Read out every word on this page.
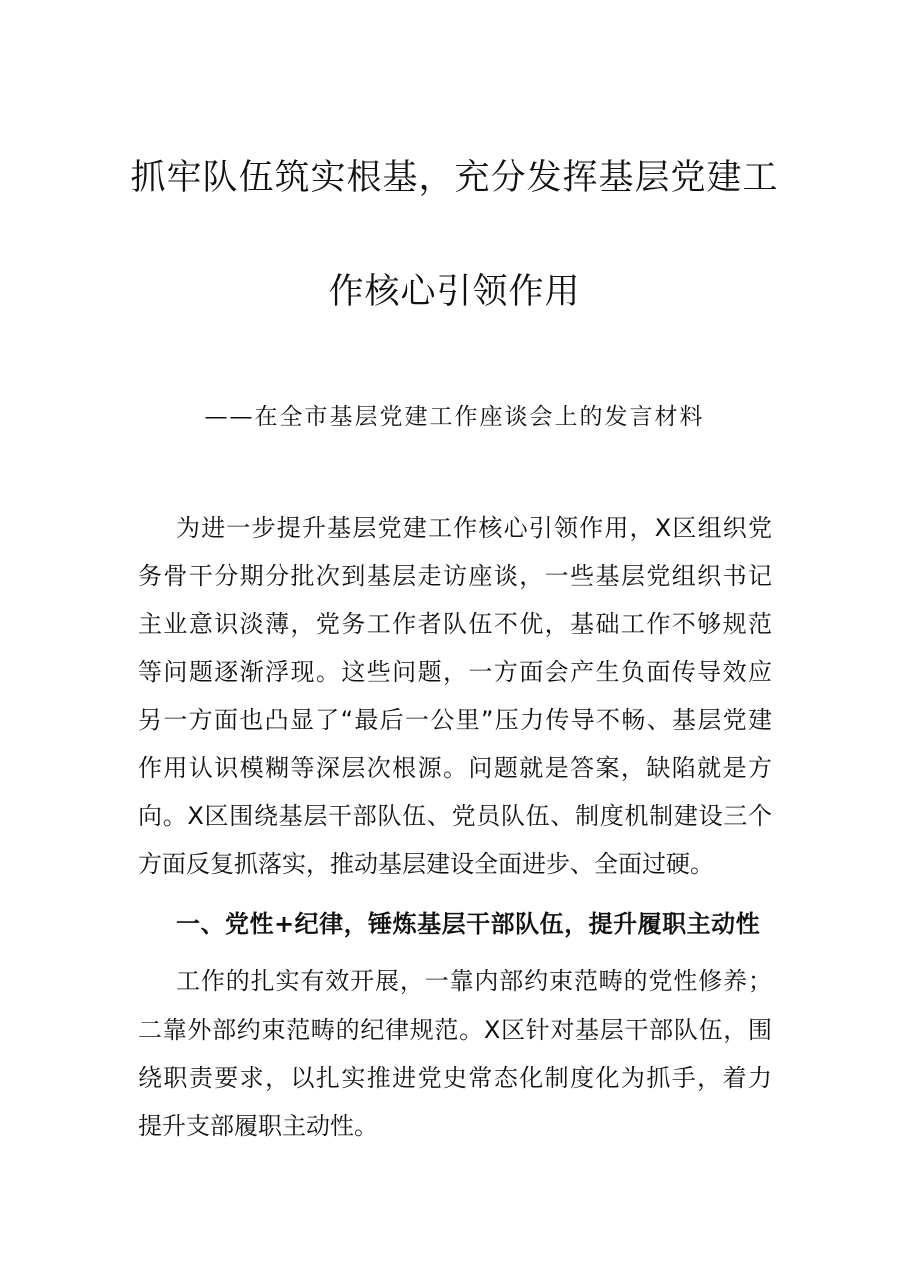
抓牢队伍筑实根基，充分发挥基层党建工
作核心引领作用
——在全市基层党建工作座谈会上的发言材料
为进一步提升基层党建工作核心引领作用，X区组织党
务骨干分期分批次到基层走访座谈，一些基层党组织书记
主业意识淡薄，党务工作者队伍不优，基础工作不够规范
等问题逐渐浮现。这些问题，一方面会产生负面传导效应
另一方面也凸显了“最后一公里”压力传导不畅、基层党建
作用认识模糊等深层次根源。问题就是答案，缺陷就是方
向。X区围绕基层干部队伍、党员队伍、制度机制建设三个
方面反复抓落实，推动基层建设全面进步、全面过硬。
一、党性+纪律，锤炼基层干部队伍，提升履职主动性
工作的扎实有效开展，一靠内部约束范畴的党性修养；
二靠外部约束范畴的纪律规范。X区针对基层干部队伍，围
绕职责要求，以扎实推进党史常态化制度化为抓手，着力
提升支部履职主动性。
